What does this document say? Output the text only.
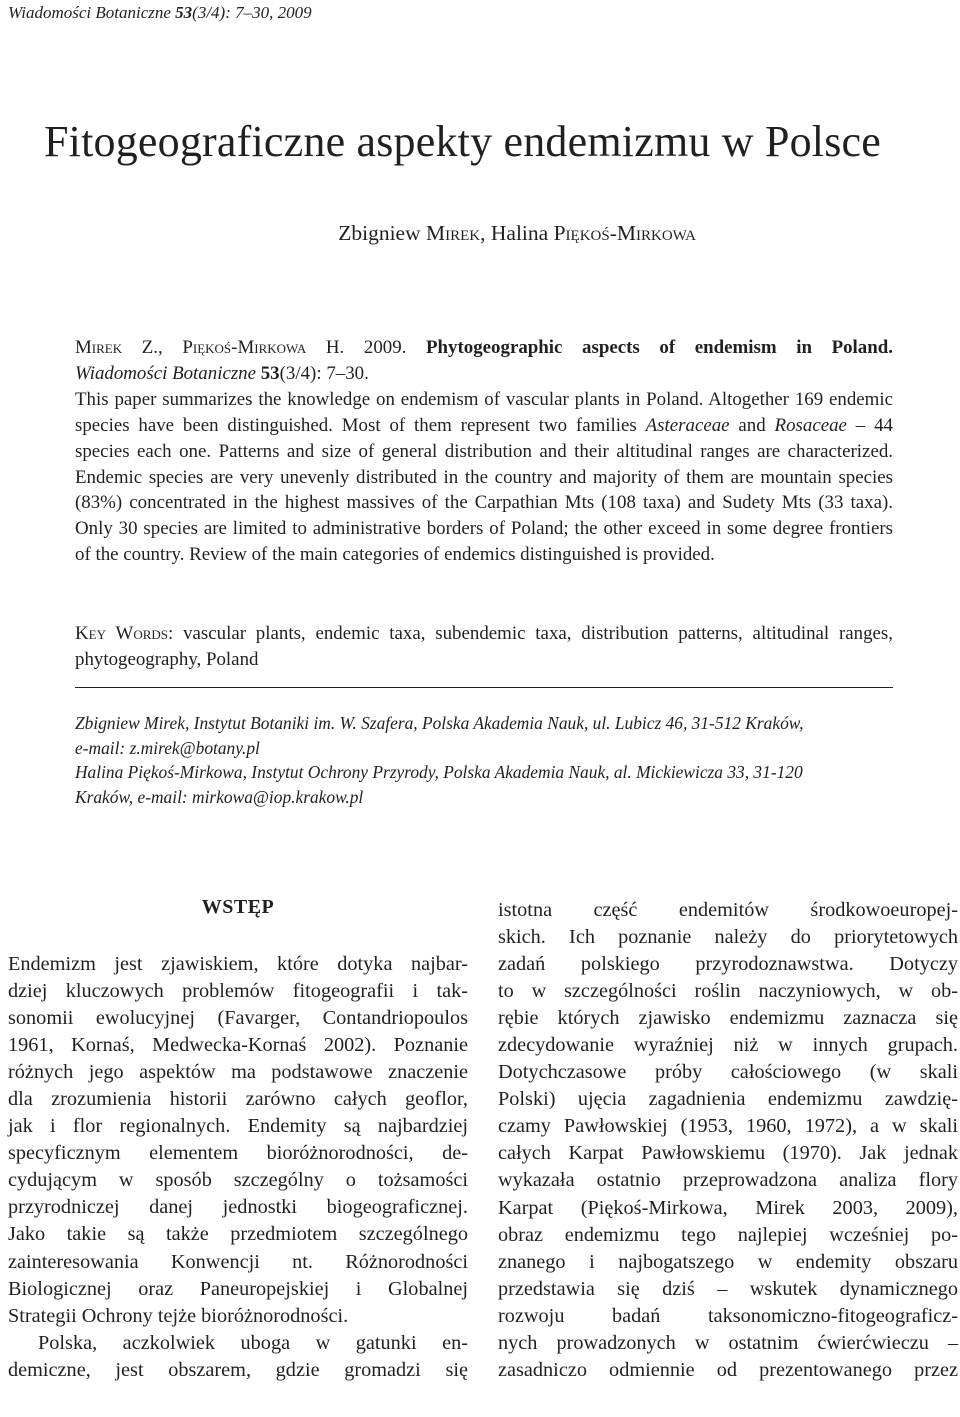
Wiadomości Botaniczne 53(3/4): 7–30, 2009
Fitogeograficzne aspekty endemizmu w Polsce
Zbigniew Mirek, Halina Piękoś-Mirkowa

Mirek Z., Piękoś-Mirkowa H. 2009. Phytogeographic aspects of endemism in Poland.

Wiadomości Botaniczne 53(3/4): 7–30.

This paper summarizes the knowledge on endemism of vascular plants in Poland. Altogether 169 endemic species have been distinguished. Most of them represent two families Asteraceae and Rosaceae – 44 species each one. Patterns and size of general distribution and their altitudinal ranges are characterized. Endemic species are very unevenly distributed in the country and majority of them are mountain species (83%) concentrated in the highest massives of the Carpathian Mts (108 taxa) and Sudety Mts (33 taxa). Only 30 species are limited to administrative borders of Poland; the other exceed in some degree frontiers of the country. Review of the main categories of endemics distinguished is provided.

Key Words: vascular plants, endemic taxa, subendemic taxa, distribution patterns, altitudinal ranges, phytogeography, Poland
Zbigniew Mirek, Instytut Botaniki im. W. Szafera, Polska Akademia Nauk, ul. Lubicz 46, 31-512 Kraków,
e-mail: z.mirek@botany.pl
Halina Piękoś-Mirkowa, Instytut Ochrony Przyrody, Polska Akademia Nauk, al. Mickiewicza 33, 31-120
Kraków, e-mail: mirkowa@iop.krakow.pl
WSTĘP
Endemizm jest zjawiskiem, które dotyka najbar-
dziej kluczowych problemów fitogeografii i tak-
sonomii ewolucyjnej (Favarger, Contandriopoulos
1961, Kornaś, Medwecka-Kornaś 2002). Poznanie
różnych jego aspektów ma podstawowe znaczenie
dla zrozumienia historii zarówno całych geoflor,
jak i flor regionalnych. Endemity są najbardziej
specyficznym elementem bioróżnorodności, de-
cydującym w sposób szczególny o tożsamości
przyrodniczej danej jednostki biogeograficznej.
Jako takie są także przedmiotem szczególnego
zainteresowania Konwencji nt. Różnorodności
Biologicznej oraz Paneuropejskiej i Globalnej
Strategii Ochrony tejże bioróżnorodności.
Polska, aczkolwiek uboga w gatunki en-
demiczne, jest obszarem, gdzie gromadzi się
istotna część endemitów środkowoeuropej-
skich. Ich poznanie należy do priorytetowych
zadań polskiego przyrodoznawstwa. Dotyczy
to w szczególności roślin naczyniowych, w ob-
rębie których zjawisko endemizmu zaznacza się
zdecydowanie wyraźniej niż w innych grupach.
Dotychczasowe próby całościowego (w skali
Polski) ujęcia zagadnienia endemizmu zawdzię-
czamy Pawłowskiej (1953, 1960, 1972), a w skali
całych Karpat Pawłowskiemu (1970). Jak jednak
wykazała ostatnio przeprowadzona analiza flory
Karpat (Piękoś-Mirkowa, Mirek 2003, 2009),
obraz endemizmu tego najlepiej wcześniej po-
znanego i najbogatszego w endemity obszaru
przedstawia się dziś – wskutek dynamicznego
rozwoju badań taksonomiczno-fitogeograficz-
nych prowadzonych w ostatnim ćwierćwieczu –
zasadniczo odmiennie od prezentowanego przez
